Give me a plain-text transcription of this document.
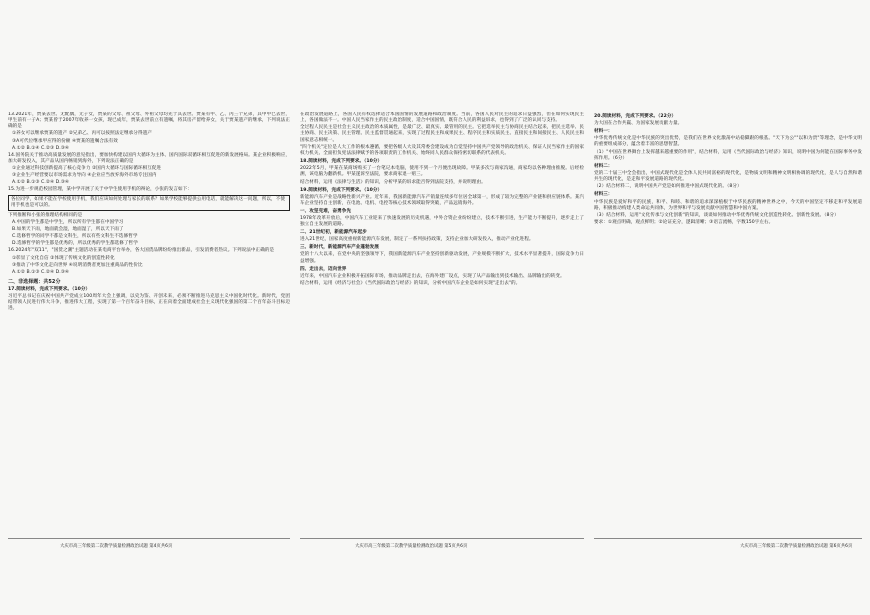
13.2021年，贾某去世。无配偶，无子女，贾某的父母、祖父母、外祖父母均先于其去世。贾某有甲、乙、丙三个兄弟，其中甲已去世，甲生前有一子A；贾某曾于2007年收养一女孩，现已成年，贾某去世前立有遗嘱，将其房产留给养女，关于贾某遗产的继承，下列说法正确的是

①养女可以继承贾某的遗产 ②兄弟乙、丙可以按照法定继承分得遗产

③A可代位继承甲应得的份额 ④贾某的遗嘱合法有效

A.①② B.①④ C.②③ D.③④

14.国务院关于推动高质量发展的意见指出，要加快构建以国内大循环为主体、国内国际双循环相互促进的新发展格局。某企业积极响应，加大研发投入，其产品从国内畅销到海外，下列说法正确的是

①企业通过科技创新提高了核心竞争力 ②国内大循环与国际循环相互促进

③企业生产经营要以市场需求为导向 ④企业应当放弃海外市场专注国内

A.①② B.①③ C.②④ D.③④

15.为进一步规范校园管理，某中学开展了关于中学生使用手机的辩论，小张的发言如下：

各位同学，如果不能在学校使用手机，我们应该如何处理与家长的联系？如果学校能够提供公用电话，就能解决这一问题，所以，不使用手机也是可以的。

下列推断和小张的推理结构相同的是

A.中国的学生都是中学生，所以所有学生都在中国学习

B.如果天下雨，地面就会湿，地面湿了，所以天下雨了

C.选修哲学的同学不都是文科生，所以有些文科生不选修哲学

D.选修哲学的学生都是优秀的，所以优秀的学生都选修了哲学

16.2024年"双11"，"国货之潮"主题活动在某电商平台举办，各大国货品牌纷纷推出新品，引发消费者热议。下列说法中正确的是

①彰显了文化自信 ②体现了传统文化的创造性转化

③推动了中华文化走向世界 ④说明消费者更加注重商品的性价比

A.①② B.①③ C.②④ D.③④

二、非选择题：共52分

17.阅读材料，完成下列要求。（10分）

习近平总书记在庆祝中国共产党成立100周年大会上强调，以史为鉴、开创未来，必须不断推进马克思主义中国化时代化。新时代，党团结带领人民进行伟大斗争，推进伟大工程，实现了第一个百年奋斗目标，正在向着全面建成社会主义现代化强国的第二个百年奋斗目标迈进。

大庆市高三年级第二次教学质量检测政治试题 第4页共6页

在政治发展道路上，各国人民有权选择适合本国国情的发展道路和政治制度。当前，各国人民对民主的追求日益强烈，但在如何实现民主上，各国做法不一。中国人民当家作主的民主政治制度，适合中国国情，既符合人民的利益诉求，也得到了广泛的认同与支持。

全过程人民民主是社会主义民主政治的本质属性，是最广泛、最真实、最管用的民主。它把选举民主与协商民主结合起来，把民主选举、民主协商、民主决策、民主管理、民主监督贯通起来，实现了过程民主和成果民主、程序民主和实质民主、直接民主和间接民主、人民民主和国家意志相统一。

"四个机关"定位是人大工作的根本遵循，要把各级人大及其常委会建设成为自觉坚持中国共产党领导的政治机关、保证人民当家作主的国家权力机关、全面担负宪法法律赋予的各项职责的工作机关、始终同人民群众保持密切联系的代表机关。

18.阅读材料，完成下列要求。（10分）

2022年5月，甲某在某商场购买了一台笔记本电脑，使用不到一个月便出现故障。甲某多次与商家沟通，商家均以各种理由推脱。后经检测，该电脑为翻新机。甲某遂诉至法院，要求商家退一赔三。

结合材料，运用《法律与生活》的知识，分析甲某的诉求能否得到法院支持，并说明理由。

19.阅读材料，完成下列要求。（10分）

新能源汽车产业是战略性新兴产业。近年来，我国新能源汽车产销量连续多年位居全球第一，形成了较为完整的产业链和供应链体系。某汽车企业坚持自主创新，在电池、电机、电控等核心技术领域取得突破，产品远销海外。

一、攻坚克难，奋勇争先

1978年改革开放后，中国汽车工业迎来了快速发展的历史机遇，中外合资企业纷纷建立，技术不断引进，生产能力不断提升，逐步走上了独立自主发展的道路。

二、21世纪初，新能源汽车起步

进入21世纪，国家高度重视新能源汽车发展，制定了一系列扶持政策，支持企业加大研发投入，推动产业化进程。

三、新时代，新能源汽车产业蓬勃发展

党的十八大以来，在党中央的坚强领导下，我国新能源汽车产业坚持创新驱动发展，产业规模不断扩大，技术水平显著提升，国际竞争力日益增强。

四、走出去，迈向世界

近年来，中国汽车企业积极开拓国际市场，推动品牌走出去，在海外建厂设点，实现了从产品输出到技术输出、品牌输出的转变。

结合材料，运用《经济与社会》《当代国际政治与经济》的知识，分析中国汽车企业是如何实现"走出去"的。

大庆市高三年级第二次教学质量检测政治试题 第5页共6页

20.阅读材料，完成下列要求。（22分）

为大国在合作共赢、为国家发展贡献力量。

材料一：

中华优秀传统文化是中华民族的突出优势，是我们在世界文化激荡中站稳脚跟的根基。"天下为公""以和为贵"等理念，是中华文明的重要组成部分，蕴含着丰富的思想智慧。

（1）"中国在世界舞台上发挥越来越重要的作用"，结合材料，运用《当代国际政治与经济》知识，说明中国为何能在国际事务中发挥作用。（6分）

材料二：

党的二十届三中全会指出，中国式现代化是全体人民共同富裕的现代化，是物质文明和精神文明相协调的现代化，是人与自然和谐共生的现代化，是走和平发展道路的现代化。

（2）结合材料二，说明中国共产党是如何推进中国式现代化的。（8分）

材料三：

中华民族是爱好和平的民族，和平、和睦、和谐的追求深深植根于中华民族的精神世界之中，今天的中国坚定不移走和平发展道路，积极推动构建人类命运共同体，为世界和平与发展贡献中国智慧和中国方案。

（3）结合材料，运用"文化传承与文化创新"的知识，谈谈如何推动中华优秀传统文化创造性转化、创新性发展。（8分）

要求：①观点明确，观点鲜明；②论证充分，逻辑清晰；③语言流畅，字数150字左右。

大庆市高三年级第二次教学质量检测政治试题 第6页共6页
